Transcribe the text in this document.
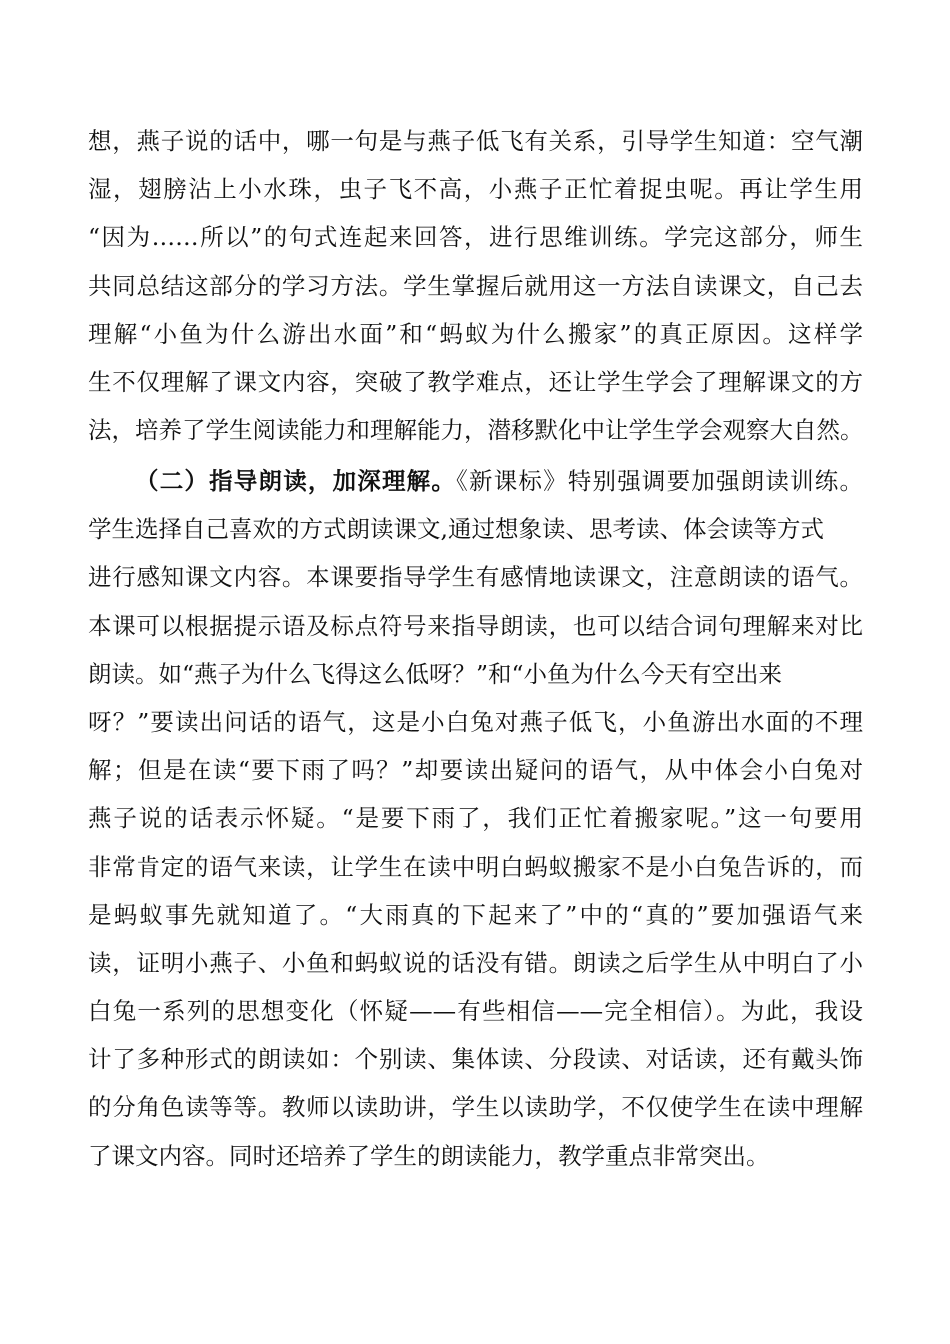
想，燕子说的话中，哪一句是与燕子低飞有关系，引导学生知道：空气潮
湿，翅膀沾上小水珠，虫子飞不高，小燕子正忙着捉虫呢。再让学生用
“因为……所以”的句式连起来回答，进行思维训练。学完这部分，师生
共同总结这部分的学习方法。学生掌握后就用这一方法自读课文，自己去
理解“小鱼为什么游出水面”和“蚂蚁为什么搬家”的真正原因。这样学
生不仅理解了课文内容，突破了教学难点，还让学生学会了理解课文的方
法，培养了学生阅读能力和理解能力，潜移默化中让学生学会观察大自然。
（二）指导朗读，加深理解。《新课标》特别强调要加强朗读训练。
学生选择自己喜欢的方式朗读课文,通过想象读、思考读、体会读等方式
进行感知课文内容。本课要指导学生有感情地读课文，注意朗读的语气。
本课可以根据提示语及标点符号来指导朗读，也可以结合词句理解来对比
朗读。如“燕子为什么飞得这么低呀？”和“小鱼为什么今天有空出来
呀？”要读出问话的语气，这是小白兔对燕子低飞，小鱼游出水面的不理
解；但是在读“要下雨了吗？”却要读出疑问的语气，从中体会小白兔对
燕子说的话表示怀疑。“是要下雨了，我们正忙着搬家呢。”这一句要用
非常肯定的语气来读，让学生在读中明白蚂蚁搬家不是小白兔告诉的，而
是蚂蚁事先就知道了。“大雨真的下起来了”中的“真的”要加强语气来
读，证明小燕子、小鱼和蚂蚁说的话没有错。朗读之后学生从中明白了小
白兔一系列的思想变化（怀疑——有些相信——完全相信）。为此，我设
计了多种形式的朗读如：个别读、集体读、分段读、对话读，还有戴头饰
的分角色读等等。教师以读助讲，学生以读助学，不仅使学生在读中理解
了课文内容。同时还培养了学生的朗读能力，教学重点非常突出。
